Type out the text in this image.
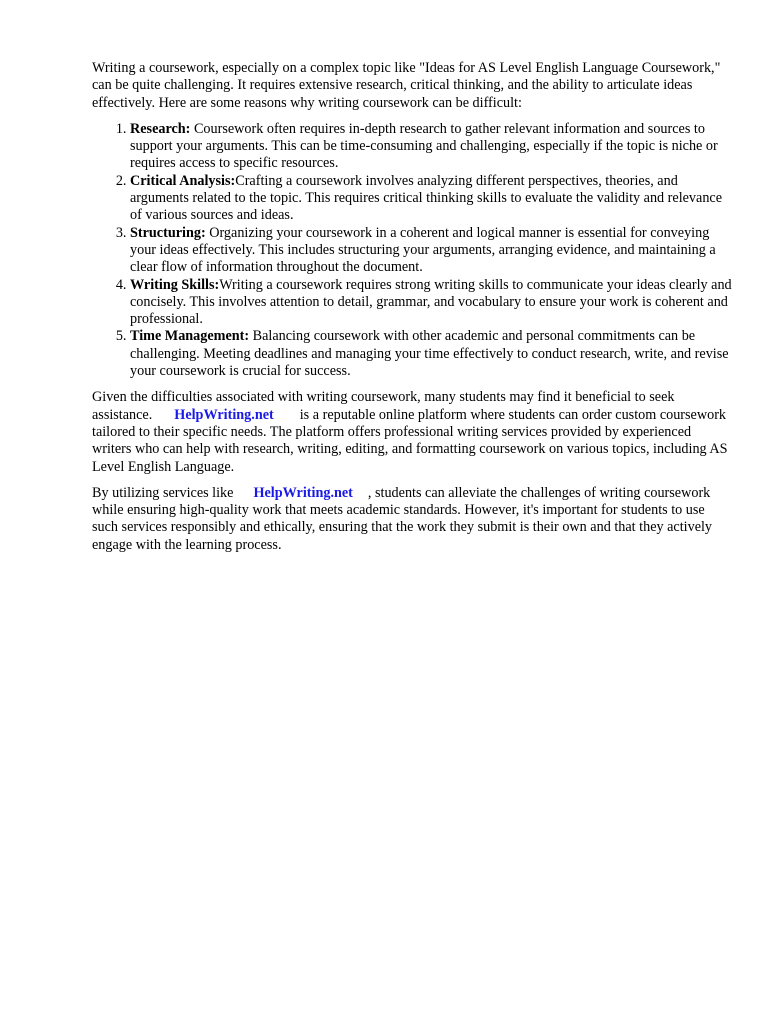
Writing a coursework, especially on a complex topic like "Ideas for AS Level English Language Coursework," can be quite challenging. It requires extensive research, critical thinking, and the ability to articulate ideas effectively. Here are some reasons why writing coursework can be difficult:

1. Research: Coursework often requires in-depth research to gather relevant information and sources to support your arguments. This can be time-consuming and challenging, especially if the topic is niche or requires access to specific resources.
2. Critical Analysis:Crafting a coursework involves analyzing different perspectives, theories, and arguments related to the topic. This requires critical thinking skills to evaluate the validity and relevance of various sources and ideas.
3. Structuring: Organizing your coursework in a coherent and logical manner is essential for conveying your ideas effectively. This includes structuring your arguments, arranging evidence, and maintaining a clear flow of information throughout the document.
4. Writing Skills:Writing a coursework requires strong writing skills to communicate your ideas clearly and concisely. This involves attention to detail, grammar, and vocabulary to ensure your work is coherent and professional.
5. Time Management: Balancing coursework with other academic and personal commitments can be challenging. Meeting deadlines and managing your time effectively to conduct research, write, and revise your coursework is crucial for success.

Given the difficulties associated with writing coursework, many students may find it beneficial to seek assistance. HelpWriting.net is a reputable online platform where students can order custom coursework tailored to their specific needs. The platform offers professional writing services provided by experienced writers who can help with research, writing, editing, and formatting coursework on various topics, including AS Level English Language.

By utilizing services like HelpWriting.net , students can alleviate the challenges of writing coursework while ensuring high-quality work that meets academic standards. However, it's important for students to use such services responsibly and ethically, ensuring that the work they submit is their own and that they actively engage with the learning process.
